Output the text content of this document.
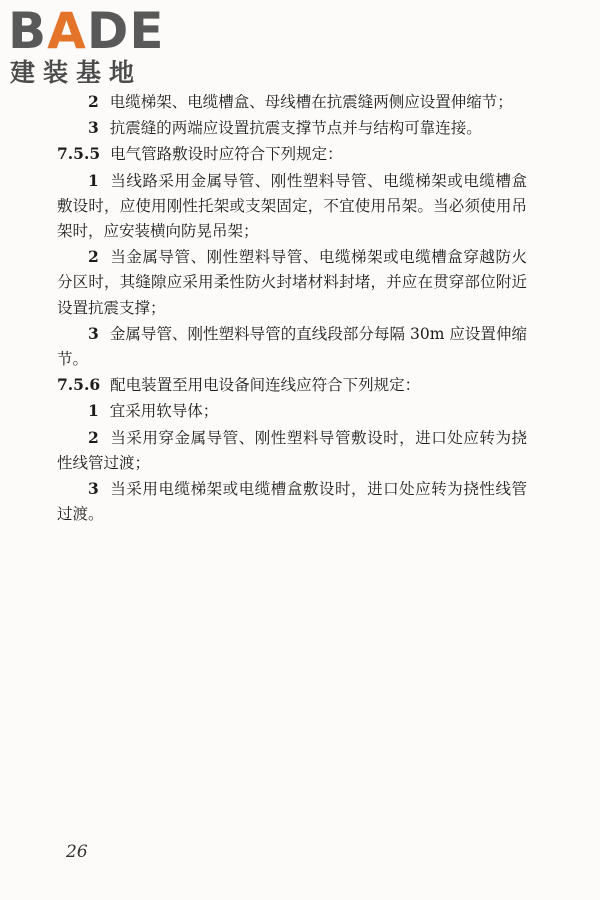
BADE
建装基地

2 电缆梯架、电缆槽盒、母线槽在抗震缝两侧应设置伸缩节；

3 抗震缝的两端应设置抗震支撑节点并与结构可靠连接。

7.5.5 电气管路敷设时应符合下列规定：

1 当线路采用金属导管、刚性塑料导管、电缆梯架或电缆槽盒敷设时，应使用刚性托架或支架固定，不宜使用吊架。当必须使用吊架时，应安装横向防晃吊架；

2 当金属导管、刚性塑料导管、电缆梯架或电缆槽盒穿越防火分区时，其缝隙应采用柔性防火封堵材料封堵，并应在贯穿部位附近设置抗震支撑；

3 金属导管、刚性塑料导管的直线段部分每隔 30m 应设置伸缩节。

7.5.6 配电装置至用电设备间连线应符合下列规定：

1 宜采用软导体；

2 当采用穿金属导管、刚性塑料导管敷设时，进口处应转为挠性线管过渡；

3 当采用电缆梯架或电缆槽盒敷设时，进口处应转为挠性线管过渡。

26
